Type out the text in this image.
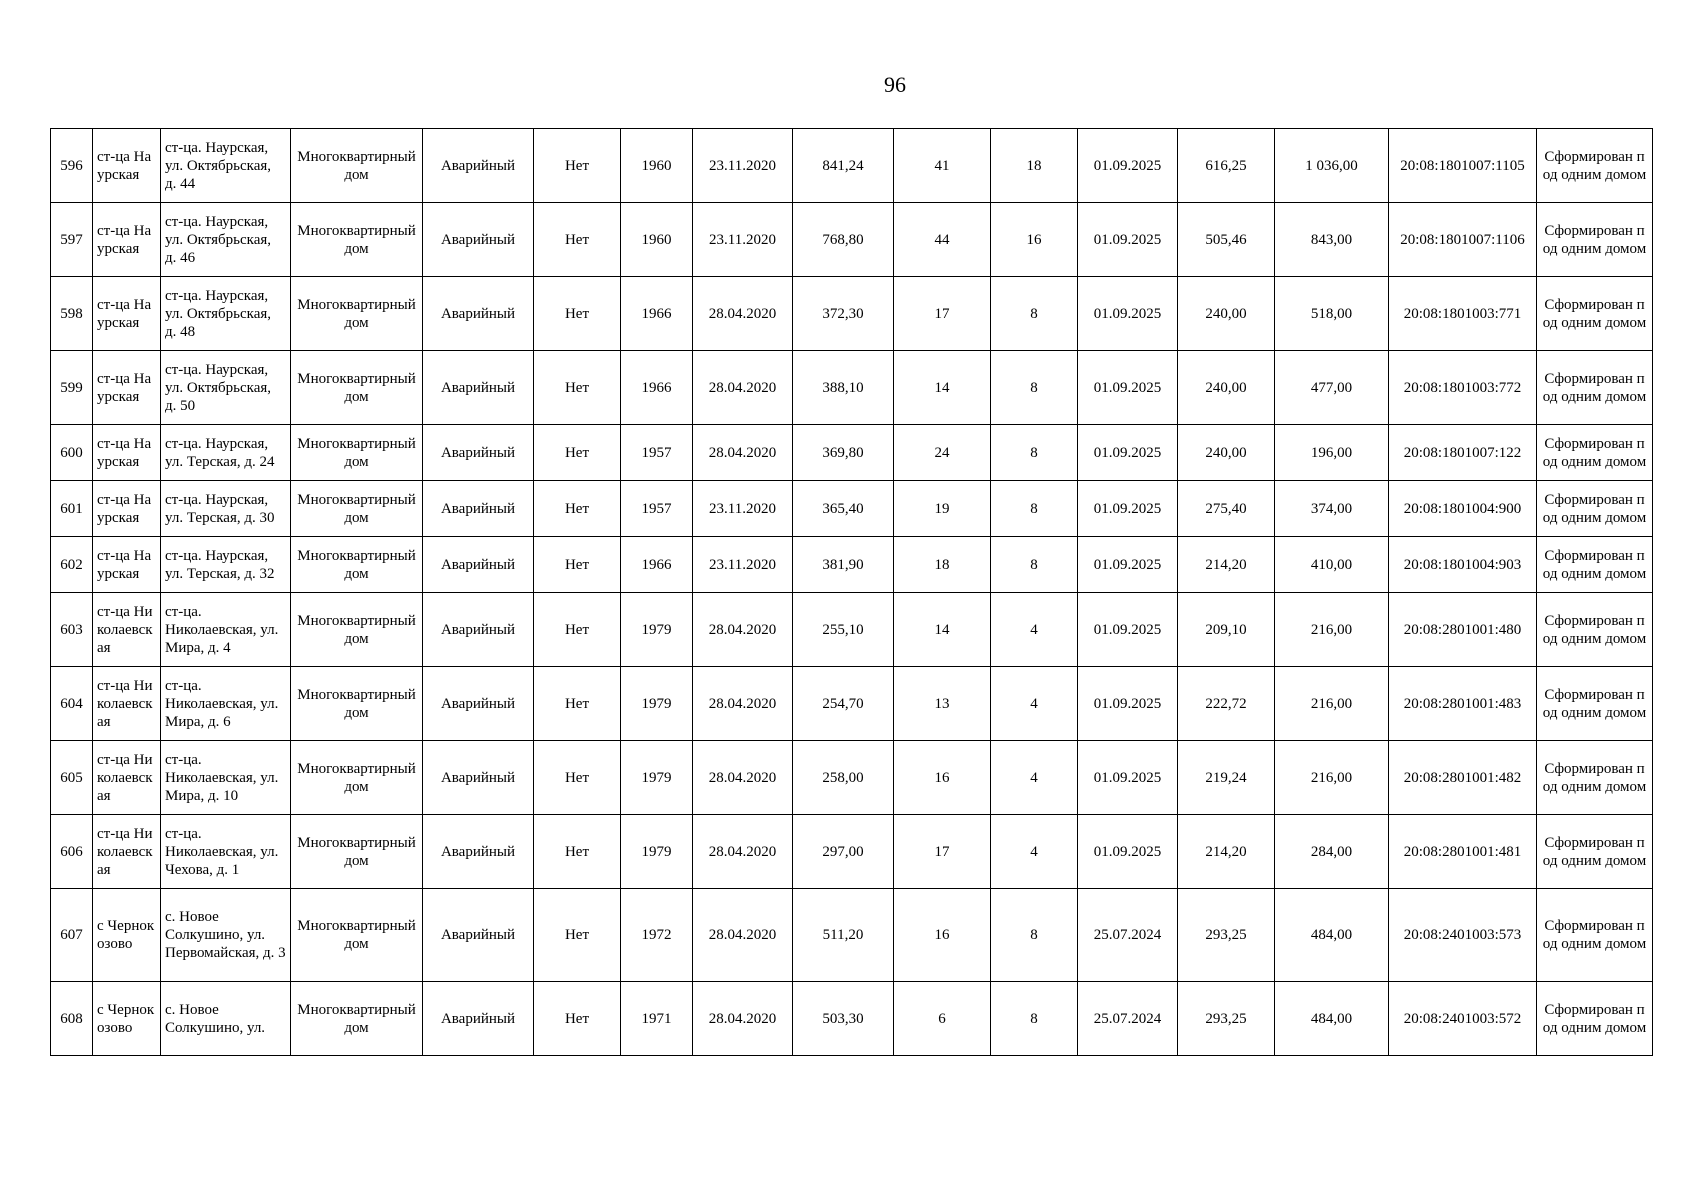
96
596	ст-ца Наурская	ст-ца. Наурская, ул. Октябрьская, д. 44	Многоквартирный дом	Аварийный	Нет	1960	23.11.2020	841,24	41	18	01.09.2025	616,25	1 036,00	20:08:1801007:1105	Сформирован под одним домом
597	ст-ца Наурская	ст-ца. Наурская, ул. Октябрьская, д. 46	Многоквартирный дом	Аварийный	Нет	1960	23.11.2020	768,80	44	16	01.09.2025	505,46	843,00	20:08:1801007:1106	Сформирован под одним домом
598	ст-ца Наурская	ст-ца. Наурская, ул. Октябрьская, д. 48	Многоквартирный дом	Аварийный	Нет	1966	28.04.2020	372,30	17	8	01.09.2025	240,00	518,00	20:08:1801003:771	Сформирован под одним домом
599	ст-ца Наурская	ст-ца. Наурская, ул. Октябрьская, д. 50	Многоквартирный дом	Аварийный	Нет	1966	28.04.2020	388,10	14	8	01.09.2025	240,00	477,00	20:08:1801003:772	Сформирован под одним домом
600	ст-ца Наурская	ст-ца. Наурская, ул. Терская, д. 24	Многоквартирный дом	Аварийный	Нет	1957	28.04.2020	369,80	24	8	01.09.2025	240,00	196,00	20:08:1801007:122	Сформирован под одним домом
601	ст-ца Наурская	ст-ца. Наурская, ул. Терская, д. 30	Многоквартирный дом	Аварийный	Нет	1957	23.11.2020	365,40	19	8	01.09.2025	275,40	374,00	20:08:1801004:900	Сформирован под одним домом
602	ст-ца Наурская	ст-ца. Наурская, ул. Терская, д. 32	Многоквартирный дом	Аварийный	Нет	1966	23.11.2020	381,90	18	8	01.09.2025	214,20	410,00	20:08:1801004:903	Сформирован под одним домом
603	ст-ца Николаевская	ст-ца. Николаевская, ул. Мира, д. 4	Многоквартирный дом	Аварийный	Нет	1979	28.04.2020	255,10	14	4	01.09.2025	209,10	216,00	20:08:2801001:480	Сформирован под одним домом
604	ст-ца Николаевская	ст-ца. Николаевская, ул. Мира, д. 6	Многоквартирный дом	Аварийный	Нет	1979	28.04.2020	254,70	13	4	01.09.2025	222,72	216,00	20:08:2801001:483	Сформирован под одним домом
605	ст-ца Николаевская	ст-ца. Николаевская, ул. Мира, д. 10	Многоквартирный дом	Аварийный	Нет	1979	28.04.2020	258,00	16	4	01.09.2025	219,24	216,00	20:08:2801001:482	Сформирован под одним домом
606	ст-ца Николаевская	ст-ца. Николаевская, ул. Чехова, д. 1	Многоквартирный дом	Аварийный	Нет	1979	28.04.2020	297,00	17	4	01.09.2025	214,20	284,00	20:08:2801001:481	Сформирован под одним домом
607	с Чернокозово	с. Новое Солкушино, ул. Первомайская, д. 3	Многоквартирный дом	Аварийный	Нет	1972	28.04.2020	511,20	16	8	25.07.2024	293,25	484,00	20:08:2401003:573	Сформирован под одним домом
608	с Чернокозово	с. Новое Солкушино, ул.	Многоквартирный дом	Аварийный	Нет	1971	28.04.2020	503,30	6	8	25.07.2024	293,25	484,00	20:08:2401003:572	Сформирован под одним домом
